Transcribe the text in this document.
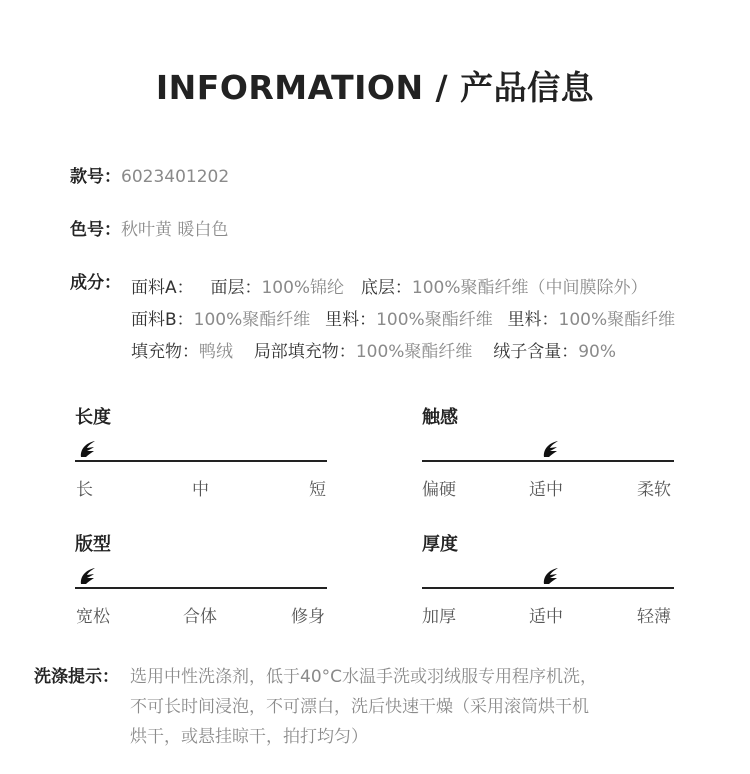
INFORMATION / 产品信息
款号：6023401202
色号：秋叶黄 暖白色
成分： 面料A： 面层：100%锦纶 底层：100%聚酯纤维（中间膜除外）
面料B：100%聚酯纤维 里料：100%聚酯纤维 里料：100%聚酯纤维
填充物：鸭绒 局部填充物：100%聚酯纤维 绒子含量：90%
长度
长	中	短
触感
偏硬	适中	柔软
版型
宽松	合体	修身
厚度
加厚	适中	轻薄
洗涤提示： 选用中性洗涤剂，低于40°C水温手洗或羽绒服专用程序机洗，
不可长时间浸泡，不可漂白，洗后快速干燥（采用滚筒烘干机
烘干，或悬挂晾干，拍打均匀）
